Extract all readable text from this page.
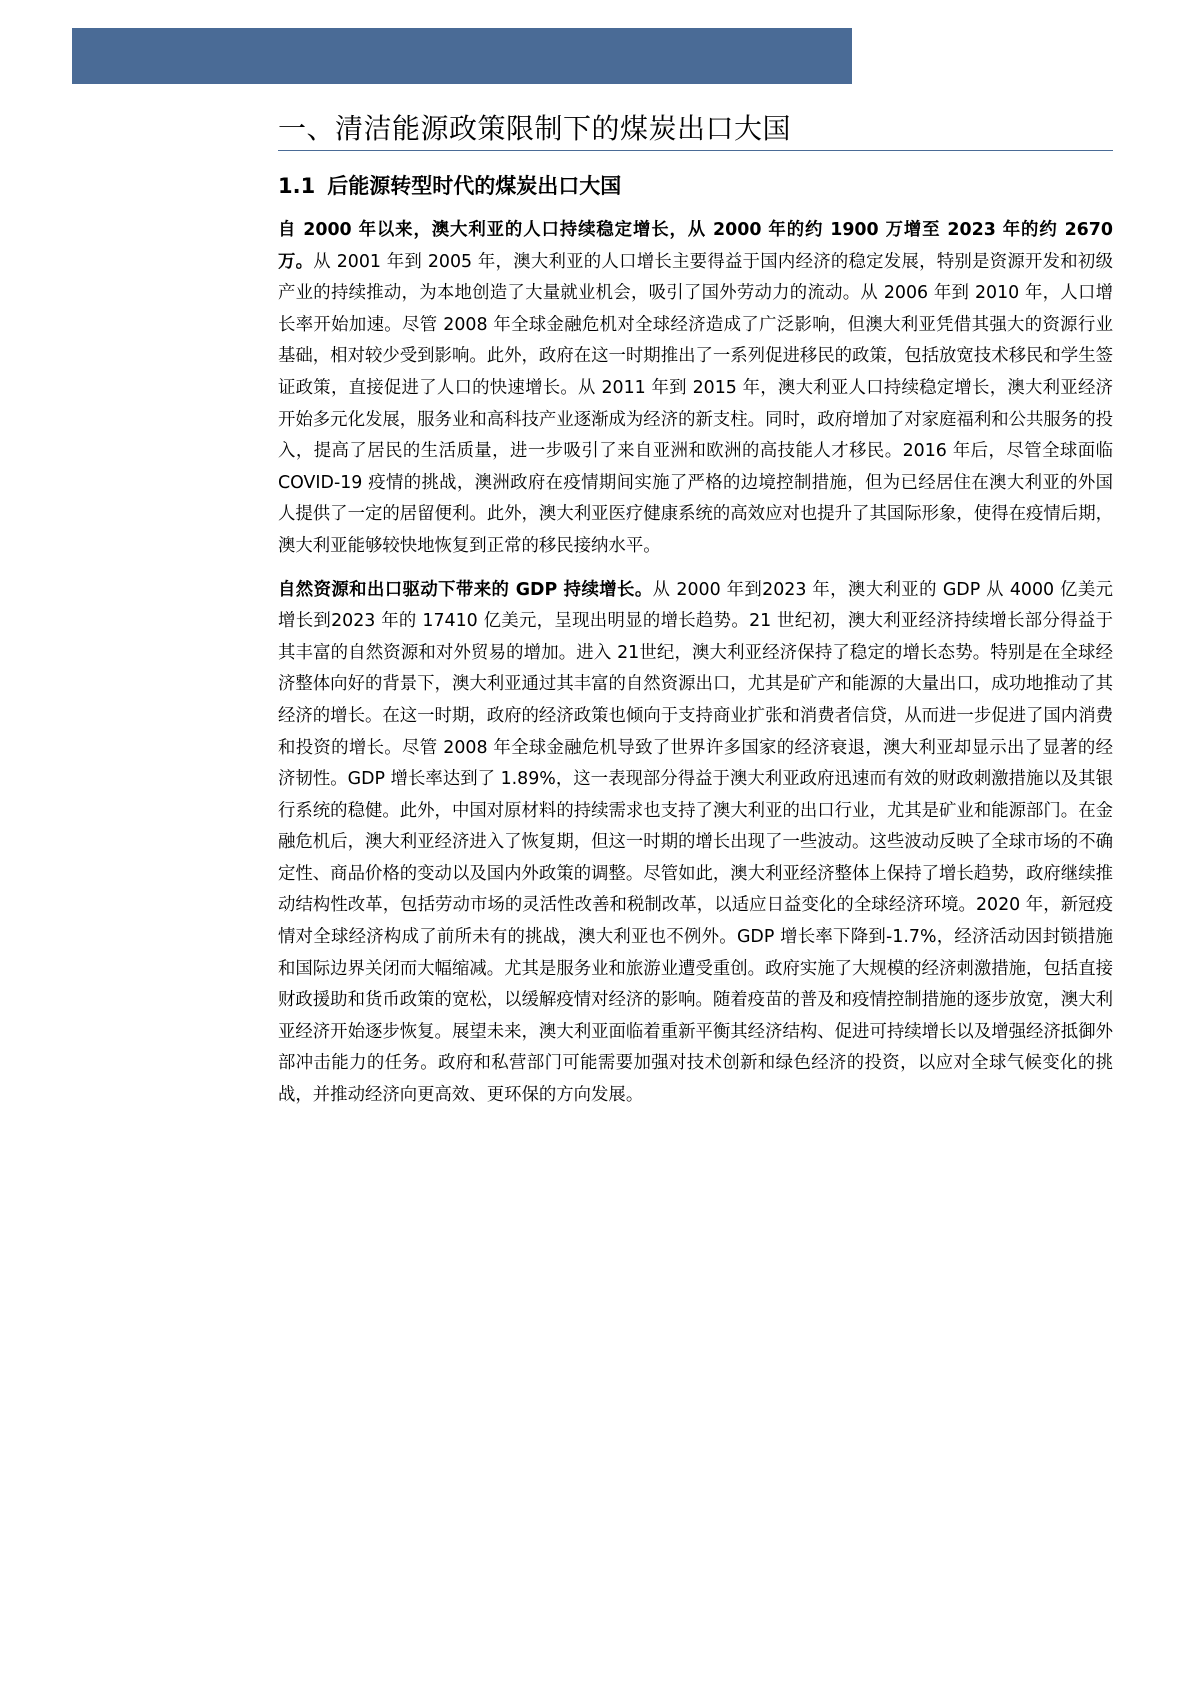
一、清洁能源政策限制下的煤炭出口大国
1.1 后能源转型时代的煤炭出口大国

自 2000 年以来，澳大利亚的人口持续稳定增长，从 2000 年的约 1900 万增至 2023 年的约 2670 万。从 2001 年到 2005 年，澳大利亚的人口增长主要得益于国内经济的稳定发展，特别是资源开发和初级产业的持续推动，为本地创造了大量就业机会，吸引了国外劳动力的流动。从 2006 年到 2010 年，人口增长率开始加速。尽管 2008 年全球金融危机对全球经济造成了广泛影响，但澳大利亚凭借其强大的资源行业基础，相对较少受到影响。此外，政府在这一时期推出了一系列促进移民的政策，包括放宽技术移民和学生签证政策，直接促进了人口的快速增长。从 2011 年到 2015 年，澳大利亚人口持续稳定增长，澳大利亚经济开始多元化发展，服务业和高科技产业逐渐成为经济的新支柱。同时，政府增加了对家庭福利和公共服务的投入，提高了居民的生活质量，进一步吸引了来自亚洲和欧洲的高技能人才移民。2016 年后，尽管全球面临 COVID-19 疫情的挑战，澳洲政府在疫情期间实施了严格的边境控制措施，但为已经居住在澳大利亚的外国人提供了一定的居留便利。此外，澳大利亚医疗健康系统的高效应对也提升了其国际形象，使得在疫情后期，澳大利亚能够较快地恢复到正常的移民接纳水平。

自然资源和出口驱动下带来的 GDP 持续增长。从 2000 年到2023 年，澳大利亚的 GDP 从 4000 亿美元增长到2023 年的 17410 亿美元，呈现出明显的增长趋势。21 世纪初，澳大利亚经济持续增长部分得益于其丰富的自然资源和对外贸易的增加。进入 21世纪，澳大利亚经济保持了稳定的增长态势。特别是在全球经济整体向好的背景下，澳大利亚通过其丰富的自然资源出口，尤其是矿产和能源的大量出口，成功地推动了其经济的增长。在这一时期，政府的经济政策也倾向于支持商业扩张和消费者信贷，从而进一步促进了国内消费和投资的增长。尽管 2008 年全球金融危机导致了世界许多国家的经济衰退，澳大利亚却显示出了显著的经济韧性。GDP 增长率达到了 1.89%，这一表现部分得益于澳大利亚政府迅速而有效的财政刺激措施以及其银行系统的稳健。此外，中国对原材料的持续需求也支持了澳大利亚的出口行业，尤其是矿业和能源部门。在金融危机后，澳大利亚经济进入了恢复期，但这一时期的增长出现了一些波动。这些波动反映了全球市场的不确定性、商品价格的变动以及国内外政策的调整。尽管如此，澳大利亚经济整体上保持了增长趋势，政府继续推动结构性改革，包括劳动市场的灵活性改善和税制改革，以适应日益变化的全球经济环境。2020 年，新冠疫情对全球经济构成了前所未有的挑战，澳大利亚也不例外。GDP 增长率下降到-1.7%，经济活动因封锁措施和国际边界关闭而大幅缩减。尤其是服务业和旅游业遭受重创。政府实施了大规模的经济刺激措施，包括直接财政援助和货币政策的宽松，以缓解疫情对经济的影响。随着疫苗的普及和疫情控制措施的逐步放宽，澳大利亚经济开始逐步恢复。展望未来，澳大利亚面临着重新平衡其经济结构、促进可持续增长以及增强经济抵御外部冲击能力的任务。政府和私营部门可能需要加强对技术创新和绿色经济的投资，以应对全球气候变化的挑战，并推动经济向更高效、更环保的方向发展。
